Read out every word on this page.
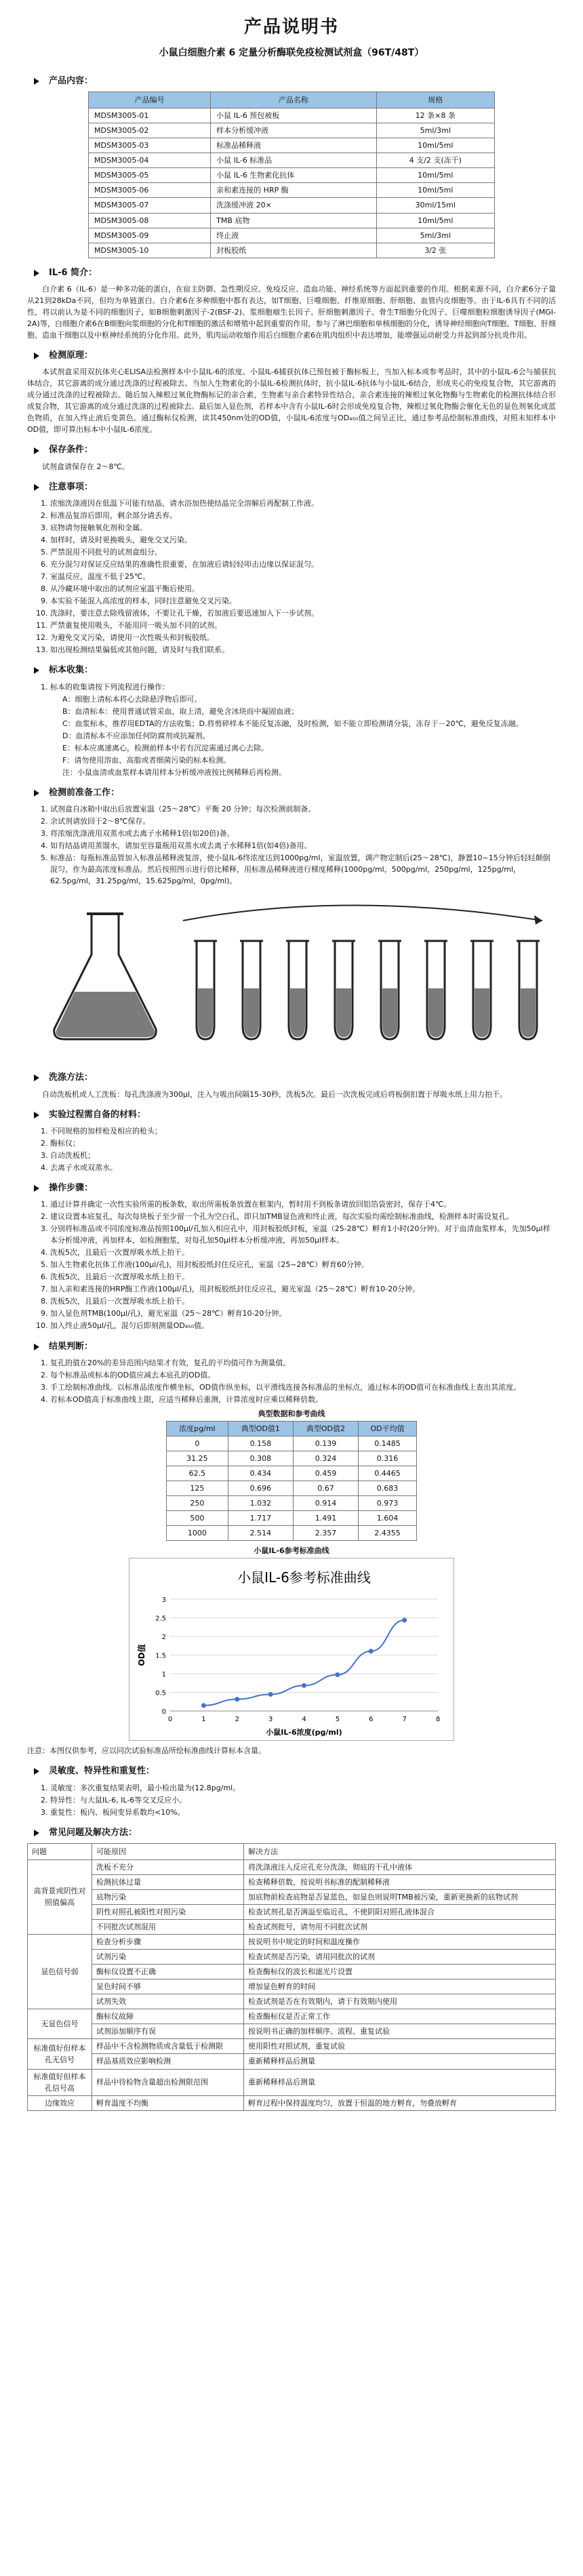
产品说明书
小鼠白细胞介素 6 定量分析酶联免疫检测试剂盒（96T/48T）
产品内容：
产品编号	产品名称	规格
MDSM3005-01	小鼠 IL-6 预包被板	12 条×8 条
MDSM3005-02	样本分析缓冲液	5ml/3ml
MDSM3005-03	标准品稀释液	10ml/5ml
MDSM3005-04	小鼠 IL-6 标准品	4 支/2 支(冻干)
MDSM3005-05	小鼠 IL-6 生物素化抗体	10ml/5ml
MDSM3005-06	亲和素连接的 HRP 酶	10ml/5ml
MDSM3005-07	洗涤缓冲液 20×	30ml/15ml
MDSM3005-08	TMB 底物	10ml/5ml
MDSM3005-09	终止液	5ml/3ml
MDSM3005-10	封板胶纸	3/2 张
IL-6 简介：

白介素 6（IL-6）是一种多功能的蛋白，在宿主防御、急性期反应、免疫反应、造血功能、神经系统等方面起到重要的作用。根据来源不同，白介素6分子量从21到28kDa不同，但均为单链蛋白。白介素6在多种细胞中都有表达，如T细胞、巨噬细胞、纤维原细胞、肝细胞、血管内皮细胞等。由于IL-6具有不同的活性，将以前认为是不同的细胞因子，如B细胞刺激因子-2(BSF-2)、浆细胞瘤生长因子、肝细胞刺激因子、骨生T细胞分化因子、巨噬细胞粒细胞诱导因子(MGI-2A)等，白细胞介素6在B细胞向浆细胞的分化和T细胞的激活和增殖中起到重要的作用，参与了淋巴细胞和单核细胞的分化，诱导神经细胞向T细胞、T细胞、肝细胞、造血干细胞以及中枢神经系统的分化作用。此外，肌肉运动收缩作用后白细胞介素6在肌肉组织中表达增加，能增强运动耐受力并起到部分抗炎作用。

检测原理：

本试剂盒采用双抗体夹心ELISA法检测样本中小鼠IL-6的浓度。小鼠IL-6捕获抗体已预包被于酶标板上，当加入标本或参考品时，其中的小鼠IL-6会与捕获抗体结合，其它游离的成分通过洗涤的过程被除去。当加入生物素化的小鼠IL-6检测抗体时，抗小鼠IL-6抗体与小鼠IL-6结合，形成夹心的免疫复合物，其它游离的成分通过洗涤的过程被除去。随后加入辣根过氧化物酶标记的亲合素，生物素与亲合素特异性结合，亲合素连接的辣根过氧化物酶与生物素化的检测抗体结合形成复合物，其它游离的成分通过洗涤的过程被除去。最后加入显色剂，若样本中含有小鼠IL-6时会形成免疫复合物，辣根过氧化物酶会催化无色的显色剂氧化成蓝色物质，在加入终止液后变黄色。通过酶标仪检测，读其450nm处的OD值，小鼠IL-6浓度与OD₄₅₀值之间呈正比，通过参考品绘制标准曲线，对照未知样本中OD值，即可算出标本中小鼠IL-6浓度。

保存条件：

试剂盒请保存在 2～8℃。

注意事项：
1. 浓缩洗涤液因在低温下可能有结晶，请水浴加热使结晶完全溶解后再配制工作液。
2. 标准品复溶后即用，剩余部分请丢弃。
3. 底物请勿接触氧化剂和金属。
4. 加样时，请及时更换吸头，避免交叉污染。
5. 严禁混用不同批号的试剂盒组分。
6. 充分混匀对保证反应结果的准确性很重要，在加液后请轻轻叩击边缘以保证混匀。
7. 室温反应，温度不低于25℃。
8. 从冷藏环境中取出的试剂应室温平衡后使用。
9. 本实验不能混入高浓度的样本，同时注意避免交叉污染。
10. 洗涤时，要注意去除残留液体，不要让孔干燥，若加液后要迅速加入下一步试剂。
11. 严禁重复使用吸头，不能用同一吸头加不同的试剂。
12. 为避免交叉污染，请使用一次性吸头和封板胶纸。
13. 如出现检测结果偏低或其他问题，请及时与我们联系。
标本收集：
1. 标本的收集请按下列流程进行操作：
A：细胞上清标本将心去除悬浮物后即可。
B：血清标本：使用普通试管采血，取上清，避免含冰块而中凝固血液；
C：血浆标本，推荐用EDTA的方法收集；D.将剪碎样本不能反复冻融，及时检测，如不能立即检测请分装，冻存于－20℃，避免反复冻融。
D：血清标本不应添加任何防腐剂或抗凝剂。
E：标本应离速离心，检测前样本中若有沉淀需通过离心去除。
F：请勿使用溶血、高脂或者细菌污染的标本检测。
注：小鼠血清或血浆样本请用样本分析缓冲液按比例稀释后再检测。
检测前准备工作：
1. 试剂盒自冰箱中取出后放置室温（25～28℃）平衡 20 分钟；每次检测前制备。
2. 余试剂请放回于2～8℃保存。
3. 将浓缩洗涤液用双蒸水或去离子水稀释1倍(如20倍)备。
4. 如有结晶请用蒸馏水，请加至容量瓶用双蒸水或去离子水稀释1倍(如4倍)备用。
5. 标准品：每瓶标准品管加入标准品稀释液复溶，使小鼠IL-6终浓度达到1000pg/ml，室温放置，调产物定制后(25～28℃)，静置10~15分钟后轻轻颠倒混匀，作为最高浓度标准品。然后按照图示进行倍比稀释，用标准品稀释液进行梯度稀释(1000pg/ml，500pg/ml，250pg/ml，125pg/ml，62.5pg/ml，31.25pg/ml，15.625pg/ml，0pg/ml)。
洗涤方法：

自动洗板机或人工洗板：每孔洗涤液为300μl，注入与吸出间隔15-30秒，洗板5次。最后一次洗板完成后将板倒扣置于厚吸水纸上用力拍干。

实验过程需自备的材料：
1. 不同规格的加样枪及相应的枪头；
2. 酶标仪；
3. 自动洗板机；
4. 去离子水或双蒸水。
操作步骤：
1. 通过计算并确定一次性实验所需的板条数，取出所需板条放置在框架内，暂时用不到板条请放回铝箔袋密封，保存于4℃。
2. 建议设置本底复孔，每次每块板子至少留一个孔为空白孔，即只加TMB显色液和终止液，每次实验均需绘制标准曲线，检测样本时需设复孔。
3. 分别将标准品或不同浓度标准品按照100μl/孔加入相应孔中，用封板胶纸封板，室温（25-28℃）孵育1小时(20分钟)。对于血清血浆样本，先加50μl样本分析缓冲液，再加样本，如检测胞浆，对每孔加50μl样本分析缓冲液，再加50μl样本。
4. 洗板5次，且最后一次置厚吸水纸上拍干。
5. 加入生物素化抗体工作液(100μl/孔)，用封板胶纸封住反应孔，室温（25~28℃）孵育60分钟。
6. 洗板5次，且最后一次置厚吸水纸上拍干。
7. 加入亲和素连接的HRP酶工作液(100μl/孔)，用封板胶纸封住反应孔，避光室温（25～28℃）孵育10-20分钟。
8. 洗板5次，且最后一次置厚吸水纸上拍干。
9. 加入显色剂TMB(100μl/孔)，避光室温（25～28℃）孵育10-20分钟。
10. 加入终止液50μl/孔，混匀后即刻测量OD₄₅₀值。
结果判断：
1. 复孔的值在20%的差异范围内结果才有效，复孔的平均值可作为测量值。
2. 每个标准品或标本的OD值应减去本底孔的OD值。
3. 手工绘制标准曲线。以标准品浓度作横坐标，OD值作纵坐标，以平滑线连接各标准品的坐标点，通过标本的OD值可在标准曲线上查出其浓度。
4. 若标本OD值高于标准曲线上限，应适当稀释后重测，计算浓度时应乘以稀释倍数。
典型数据和参考曲线
浓度pg/ml	典型OD值1	典型OD值2	OD平均值
0	0.158	0.139	0.1485
31.25	0.308	0.324	0.316
62.5	0.434	0.459	0.4465
125	0.696	0.67	0.683
250	1.032	0.914	0.973
500	1.717	1.491	1.604
1000	2.514	2.357	2.4355
小鼠IL-6参考标准曲线
小鼠IL-6参考标准曲线
0
0.5
1
1.5
2
2.5
3
0	1	2	3	4	5	6	7	8
小鼠IL-6浓度(pg/ml)
OD值
注意：本图仅供参考，应以同次试验标准品所绘标准曲线计算标本含量。
灵敏度、特异性和重复性：
1. 灵敏度：多次重复结果表明，最小检出量为(12.8pg/ml。
2. 特异性：与大鼠IL-6, IL-6等交叉反应小。
3. 重复性：板内、板间变异系数均<10%。
常见问题及解决方法：
问题	可能原因	解决方法
高背景或阴性对照值偏高	洗板不充分	将洗涤液注入反应孔充分洗涤，彻底的干孔中液体
	检测抗体过量	检查稀释倍数，按说明书标准的配制稀释液
	底物污染	加底物前检查底物是否显蓝色，如显色则说明TMB被污染，重新更换新的底物试剂
	阴性对照孔被阳性对照污染	检查试剂孔是否满溢至临近孔，不使阴阳对照孔液体混合
	不同批次试剂混用	检查试剂批号，请勿用不同批次试剂
显色信号弱	检查分析步骤	按说明书中规定的时间和温度操作
	试剂污染	检查试剂是否污染，请用同批次的试剂
	酶标仪设置不正确	检查酶标仪的波长和滤光片设置
	显色时间不够	增加显色孵育的时间
	试剂失效	检查试剂是否在有效期内，请于有效期内使用
无显色信号	酶标仪故障	检查酶标仪是否正常工作
	试剂添加顺序有误	按说明书正确的加样顺序、流程、重复试验
标准值好但样本孔无信号	样品中不含检测物质或含量低于检测限	使用阳性对照试剂，重复试验
	样品基质效应影响检测	重新稀释样品后测量
标准值好但样本孔信号高	样品中待检物含量超出检测限范围	重新稀释样品后测量
边缘效应	孵育温度不均衡	孵育过程中保持温度均匀，放置于恒温的地方孵育，勿叠放孵育
